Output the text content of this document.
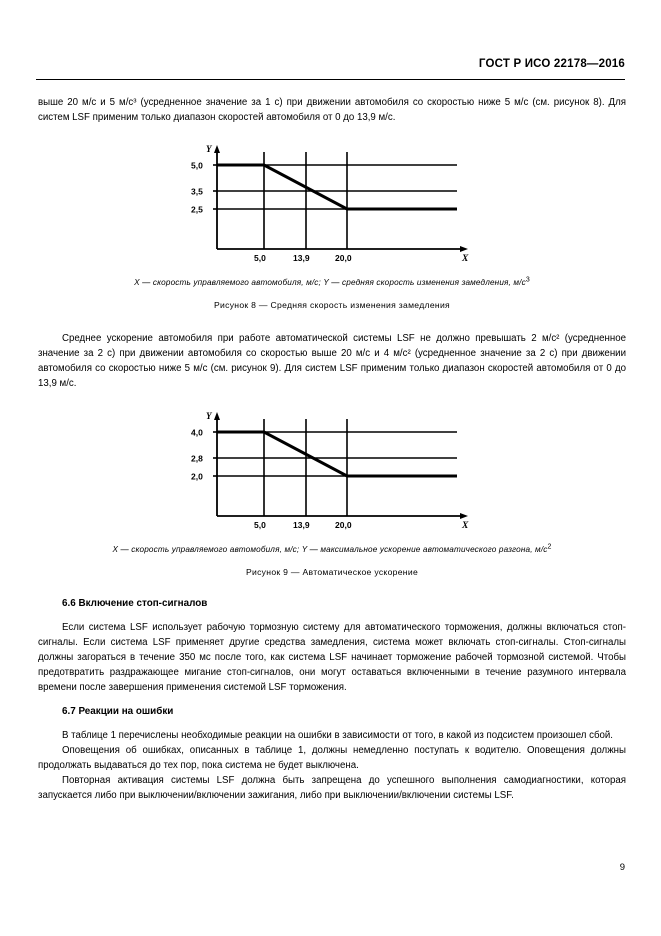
ГОСТ Р ИСО 22178—2016

выше 20 м/с и 5 м/с³ (усредненное значение за 1 с) при движении автомобиля со скоростью ниже 5 м/с (см. рисунок 8). Для систем LSF применим только диапазон скоростей автомобиля от 0 до 13,9 м/с.

Y
X
5,0
3,5
2,5
5,0	13,9	20,0

X — скорость управляемого автомобиля, м/с; Y — средняя скорость изменения замедления, $м/с^3$

Рисунок 8 — Средняя скорость изменения замедления

Среднее ускорение автомобиля при работе автоматической системы LSF не должно превышать 2 м/с² (усредненное значение за 2 с) при движении автомобиля со скоростью выше 20 м/с и 4 м/с² (усредненное значение за 2 с) при движении автомобиля со скоростью ниже 5 м/с (см. рисунок 9). Для систем LSF применим только диапазон скоростей автомобиля от 0 до 13,9 м/с.

Y
X
4,0
2,8
2,0
5,0	13,9	20,0

X — скорость управляемого автомобиля, м/с; Y — максимальное ускорение автоматического разгона, $м/с^2$

Рисунок 9 — Автоматическое ускорение

6.6 Включение стоп-сигналов

Если система LSF использует рабочую тормозную систему для автоматического торможения, должны включаться стоп-сигналы. Если система LSF применяет другие средства замедления, система может включать стоп-сигналы. Стоп-сигналы должны загораться в течение 350 мс после того, как система LSF начинает торможение рабочей тормозной системой. Чтобы предотвратить раздражающее мигание стоп-сигналов, они могут оставаться включенными в течение разумного интервала времени после завершения применения системой LSF торможения.

6.7 Реакции на ошибки

В таблице 1 перечислены необходимые реакции на ошибки в зависимости от того, в какой из подсистем произошел сбой.

Оповещения об ошибках, описанных в таблице 1, должны немедленно поступать к водителю. Оповещения должны продолжать выдаваться до тех пор, пока система не будет выключена.

Повторная активация системы LSF должна быть запрещена до успешного выполнения самодиагностики, которая запускается либо при выключении/включении зажигания, либо при выключении/включении системы LSF.

9
